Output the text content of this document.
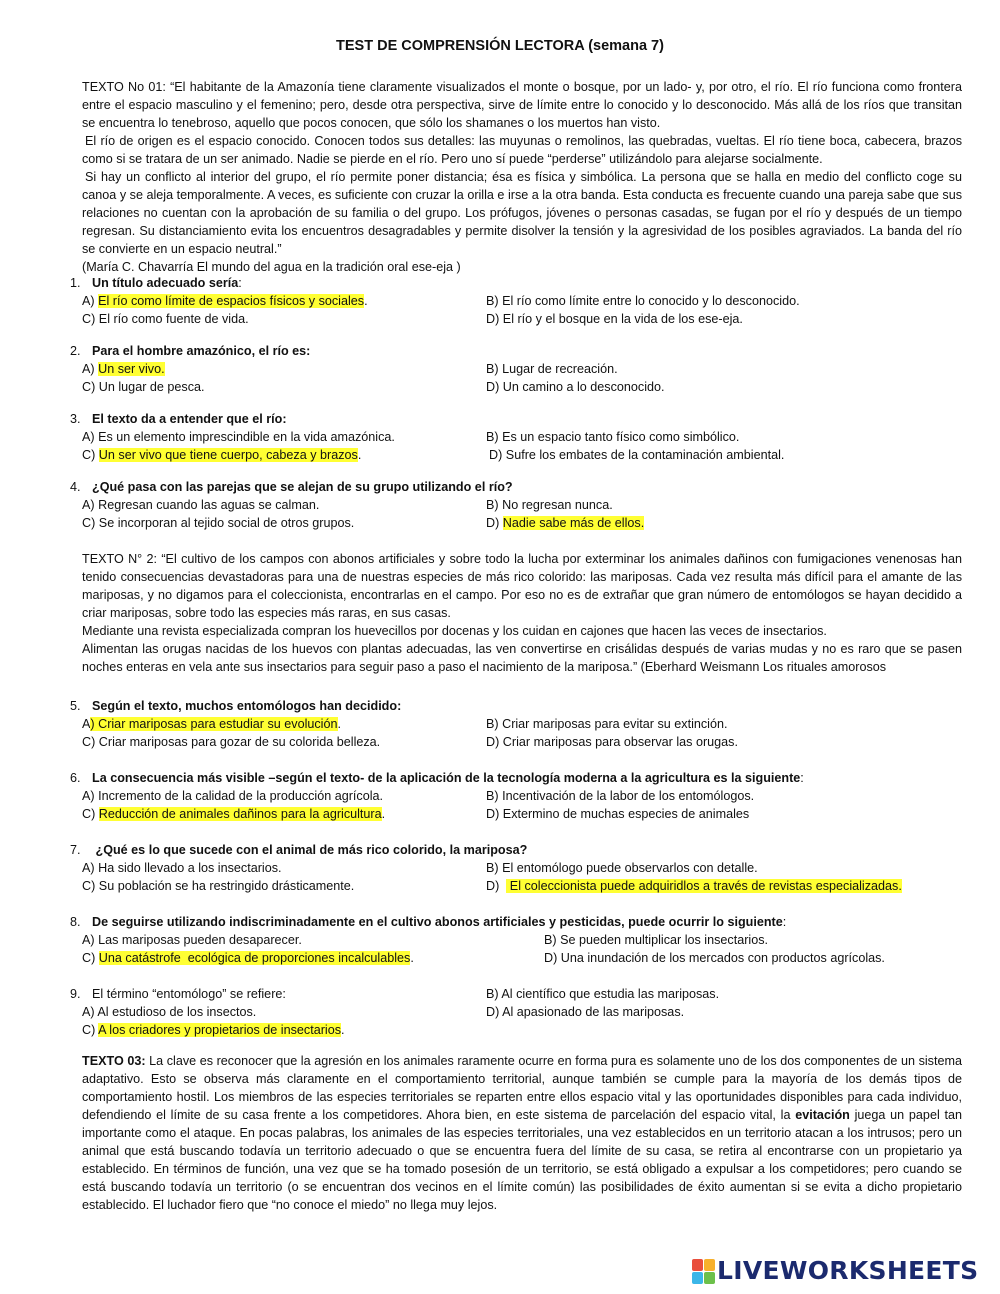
TEST DE COMPRENSIÓN LECTORA (semana 7)

TEXTO No 01: “El habitante de la Amazonía tiene claramente visualizados el monte o bosque, por un lado- y, por otro, el río. El río funciona como frontera entre el espacio masculino y el femenino; pero, desde otra perspectiva, sirve de límite entre lo conocido y lo desconocido. Más allá de los ríos que transitan se encuentra lo tenebroso, aquello que pocos conocen, que sólo los shamanes o los muertos han visto.

El río de origen es el espacio conocido. Conocen todos sus detalles: las muyunas o remolinos, las quebradas, vueltas. El río tiene boca, cabecera, brazos como si se tratara de un ser animado. Nadie se pierde en el río. Pero uno sí puede “perderse” utilizándolo para alejarse socialmente.

Si hay un conflicto al interior del grupo, el río permite poner distancia; ésa es física y simbólica. La persona que se halla en medio del conflicto coge su canoa y se aleja temporalmente. A veces, es suficiente con cruzar la orilla e irse a la otra banda. Esta conducta es frecuente cuando una pareja sabe que sus relaciones no cuentan con la aprobación de su familia o del grupo. Los prófugos, jóvenes o personas casadas, se fugan por el río y después de un tiempo regresan. Su distanciamiento evita los encuentros desagradables y permite disolver la tensión y la agresividad de los posibles agraviados. La banda del río se convierte en un espacio neutral.”

(María C. Chavarría El mundo del agua en la tradición oral ese-eja )

1. Un título adecuado sería:
A) El río como límite de espacios físicos y sociales.	B) El río como límite entre lo conocido y lo desconocido.
C) El río como fuente de vida.	D) El río y el bosque en la vida de los ese-eja.
2. Para el hombre amazónico, el río es:
A) Un ser vivo.	B) Lugar de recreación.
C) Un lugar de pesca.	D) Un camino a lo desconocido.
3. El texto da a entender que el río:
A) Es un elemento imprescindible en la vida amazónica.	B) Es un espacio tanto físico como simbólico.
C) Un ser vivo que tiene cuerpo, cabeza y brazos.	D) Sufre los embates de la contaminación ambiental.
4. ¿Qué pasa con las parejas que se alejan de su grupo utilizando el río?
A) Regresan cuando las aguas se calman.	B) No regresan nunca.
C) Se incorporan al tejido social de otros grupos.	D) Nadie sabe más de ellos.

TEXTO N° 2: “El cultivo de los campos con abonos artificiales y sobre todo la lucha por exterminar los animales dañinos con fumigaciones venenosas han tenido consecuencias devastadoras para una de nuestras especies de más rico colorido: las mariposas. Cada vez resulta más difícil para el amante de las mariposas, y no digamos para el coleccionista, encontrarlas en el campo. Por eso no es de extrañar que gran número de entomólogos se hayan decidido a criar mariposas, sobre todo las especies más raras, en sus casas.

Mediante una revista especializada compran los huevecillos por docenas y los cuidan en cajones que hacen las veces de insectarios.

Alimentan las orugas nacidas de los huevos con plantas adecuadas, las ven convertirse en crisálidas después de varias mudas y no es raro que se pasen noches enteras en vela ante sus insectarios para seguir paso a paso el nacimiento de la mariposa.” (Eberhard Weismann Los rituales amorosos

5. Según el texto, muchos entomólogos han decidido:
A) Criar mariposas para estudiar su evolución.	B) Criar mariposas para evitar su extinción.
C) Criar mariposas para gozar de su colorida belleza.	D) Criar mariposas para observar las orugas.
6. La consecuencia más visible –según el texto- de la aplicación de la tecnología moderna a la agricultura es la siguiente:
A) Incremento de la calidad de la producción agrícola.	B) Incentivación de la labor de los entomólogos.
C) Reducción de animales dañinos para la agricultura.	D) Extermino de muchas especies de animales
7. ¿Qué es lo que sucede con el animal de más rico colorido, la mariposa?
A) Ha sido llevado a los insectarios.	B) El entomólogo puede observarlos con detalle.
C) Su población se ha restringido drásticamente.	D)   El coleccionista puede adquiridlos a través de revistas especializadas.
8. De seguirse utilizando indiscriminadamente en el cultivo abonos artificiales y pesticidas, puede ocurrir lo siguiente:
A) Las mariposas pueden desaparecer.	B) Se pueden multiplicar los insectarios.
C) Una catástrofe  ecológica de proporciones incalculables.	D) Una inundación de los mercados con productos agrícolas.
9. El término “entomólogo” se refiere:	B) Al científico que estudia las mariposas.
A) Al estudioso de los insectos.	D) Al apasionado de las mariposas.
C) A los criadores y propietarios de insectarios.

TEXTO 03: La clave es reconocer que la agresión en los animales raramente ocurre en forma pura es solamente uno de los dos componentes de un sistema adaptativo. Esto se observa más claramente en el comportamiento territorial, aunque también se cumple para la mayoría de los demás tipos de comportamiento hostil. Los miembros de las especies territoriales se reparten entre ellos espacio vital y las oportunidades disponibles para cada individuo, defendiendo el límite de su casa frente a los competidores. Ahora bien, en este sistema de parcelación del espacio vital, la evitación juega un papel tan importante como el ataque. En pocas palabras, los animales de las especies territoriales, una vez establecidos en un territorio atacan a los intrusos; pero un animal que está buscando todavía un territorio adecuado o que se encuentra fuera del límite de su casa, se retira al encontrarse con un propietario ya establecido. En términos de función, una vez que se ha tomado posesión de un territorio, se está obligado a expulsar a los competidores; pero cuando se está buscando todavía un territorio (o se encuentran dos vecinos en el límite común) las posibilidades de éxito aumentan si se evita a dicho propietario establecido. El luchador fiero que “no conoce el miedo” no llega muy lejos.

LIVEWORKSHEETS
